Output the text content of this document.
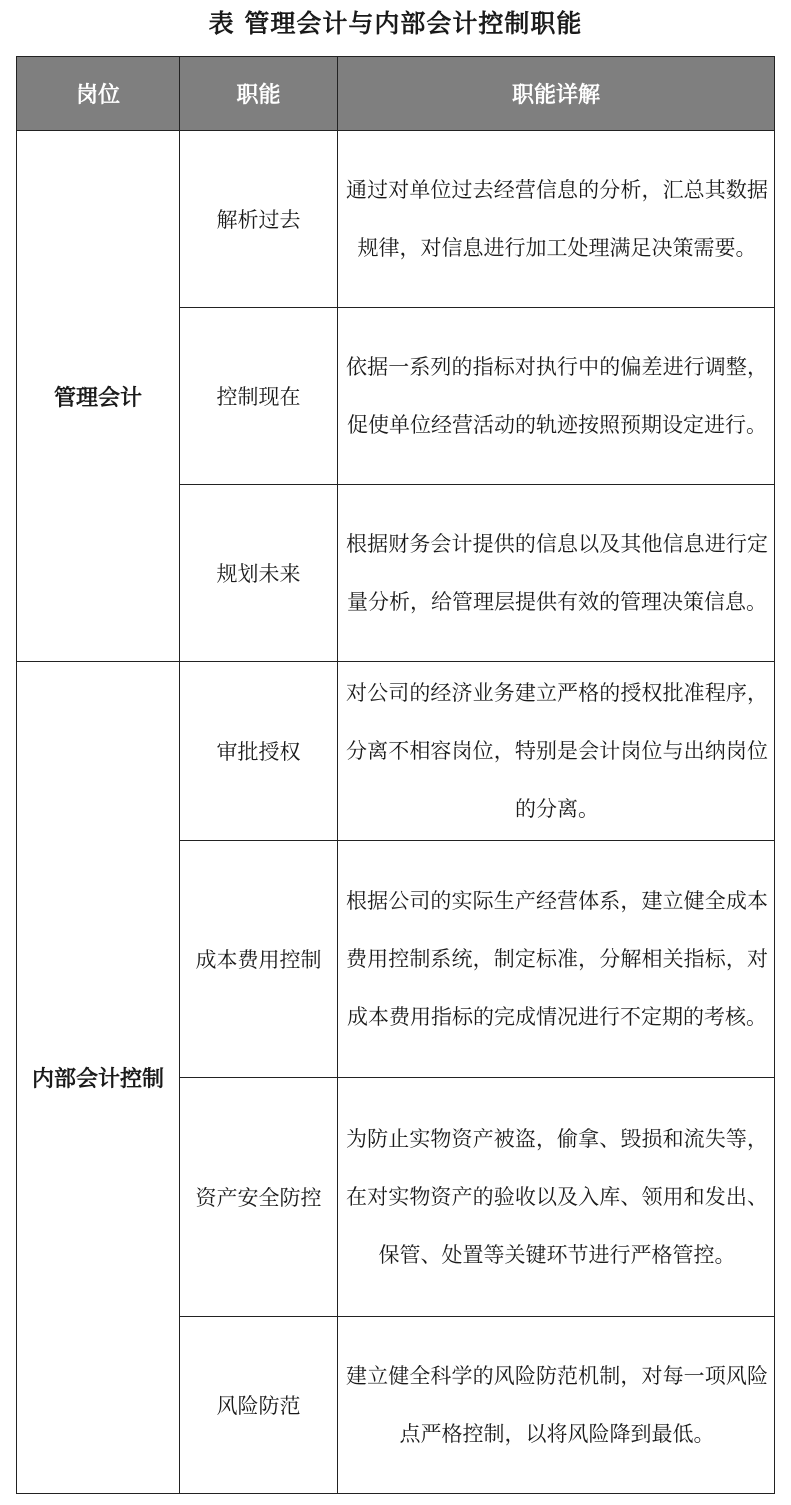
表 管理会计与内部会计控制职能
岗位	职能	职能详解
管理会计	解析过去	通过对单位过去经营信息的分析，汇总其数据规律，对信息进行加工处理满足决策需要。
	控制现在	依据一系列的指标对执行中的偏差进行调整，促使单位经营活动的轨迹按照预期设定进行。
	规划未来	根据财务会计提供的信息以及其他信息进行定量分析，给管理层提供有效的管理决策信息。
内部会计控制	审批授权	对公司的经济业务建立严格的授权批准程序，分离不相容岗位，特别是会计岗位与出纳岗位的分离。
	成本费用控制	根据公司的实际生产经营体系，建立健全成本费用控制系统，制定标准，分解相关指标，对成本费用指标的完成情况进行不定期的考核。
	资产安全防控	为防止实物资产被盗，偷拿、毁损和流失等，在对实物资产的验收以及入库、领用和发出、保管、处置等关键环节进行严格管控。
	风险防范	建立健全科学的风险防范机制，对每一项风险点严格控制，以将风险降到最低。
